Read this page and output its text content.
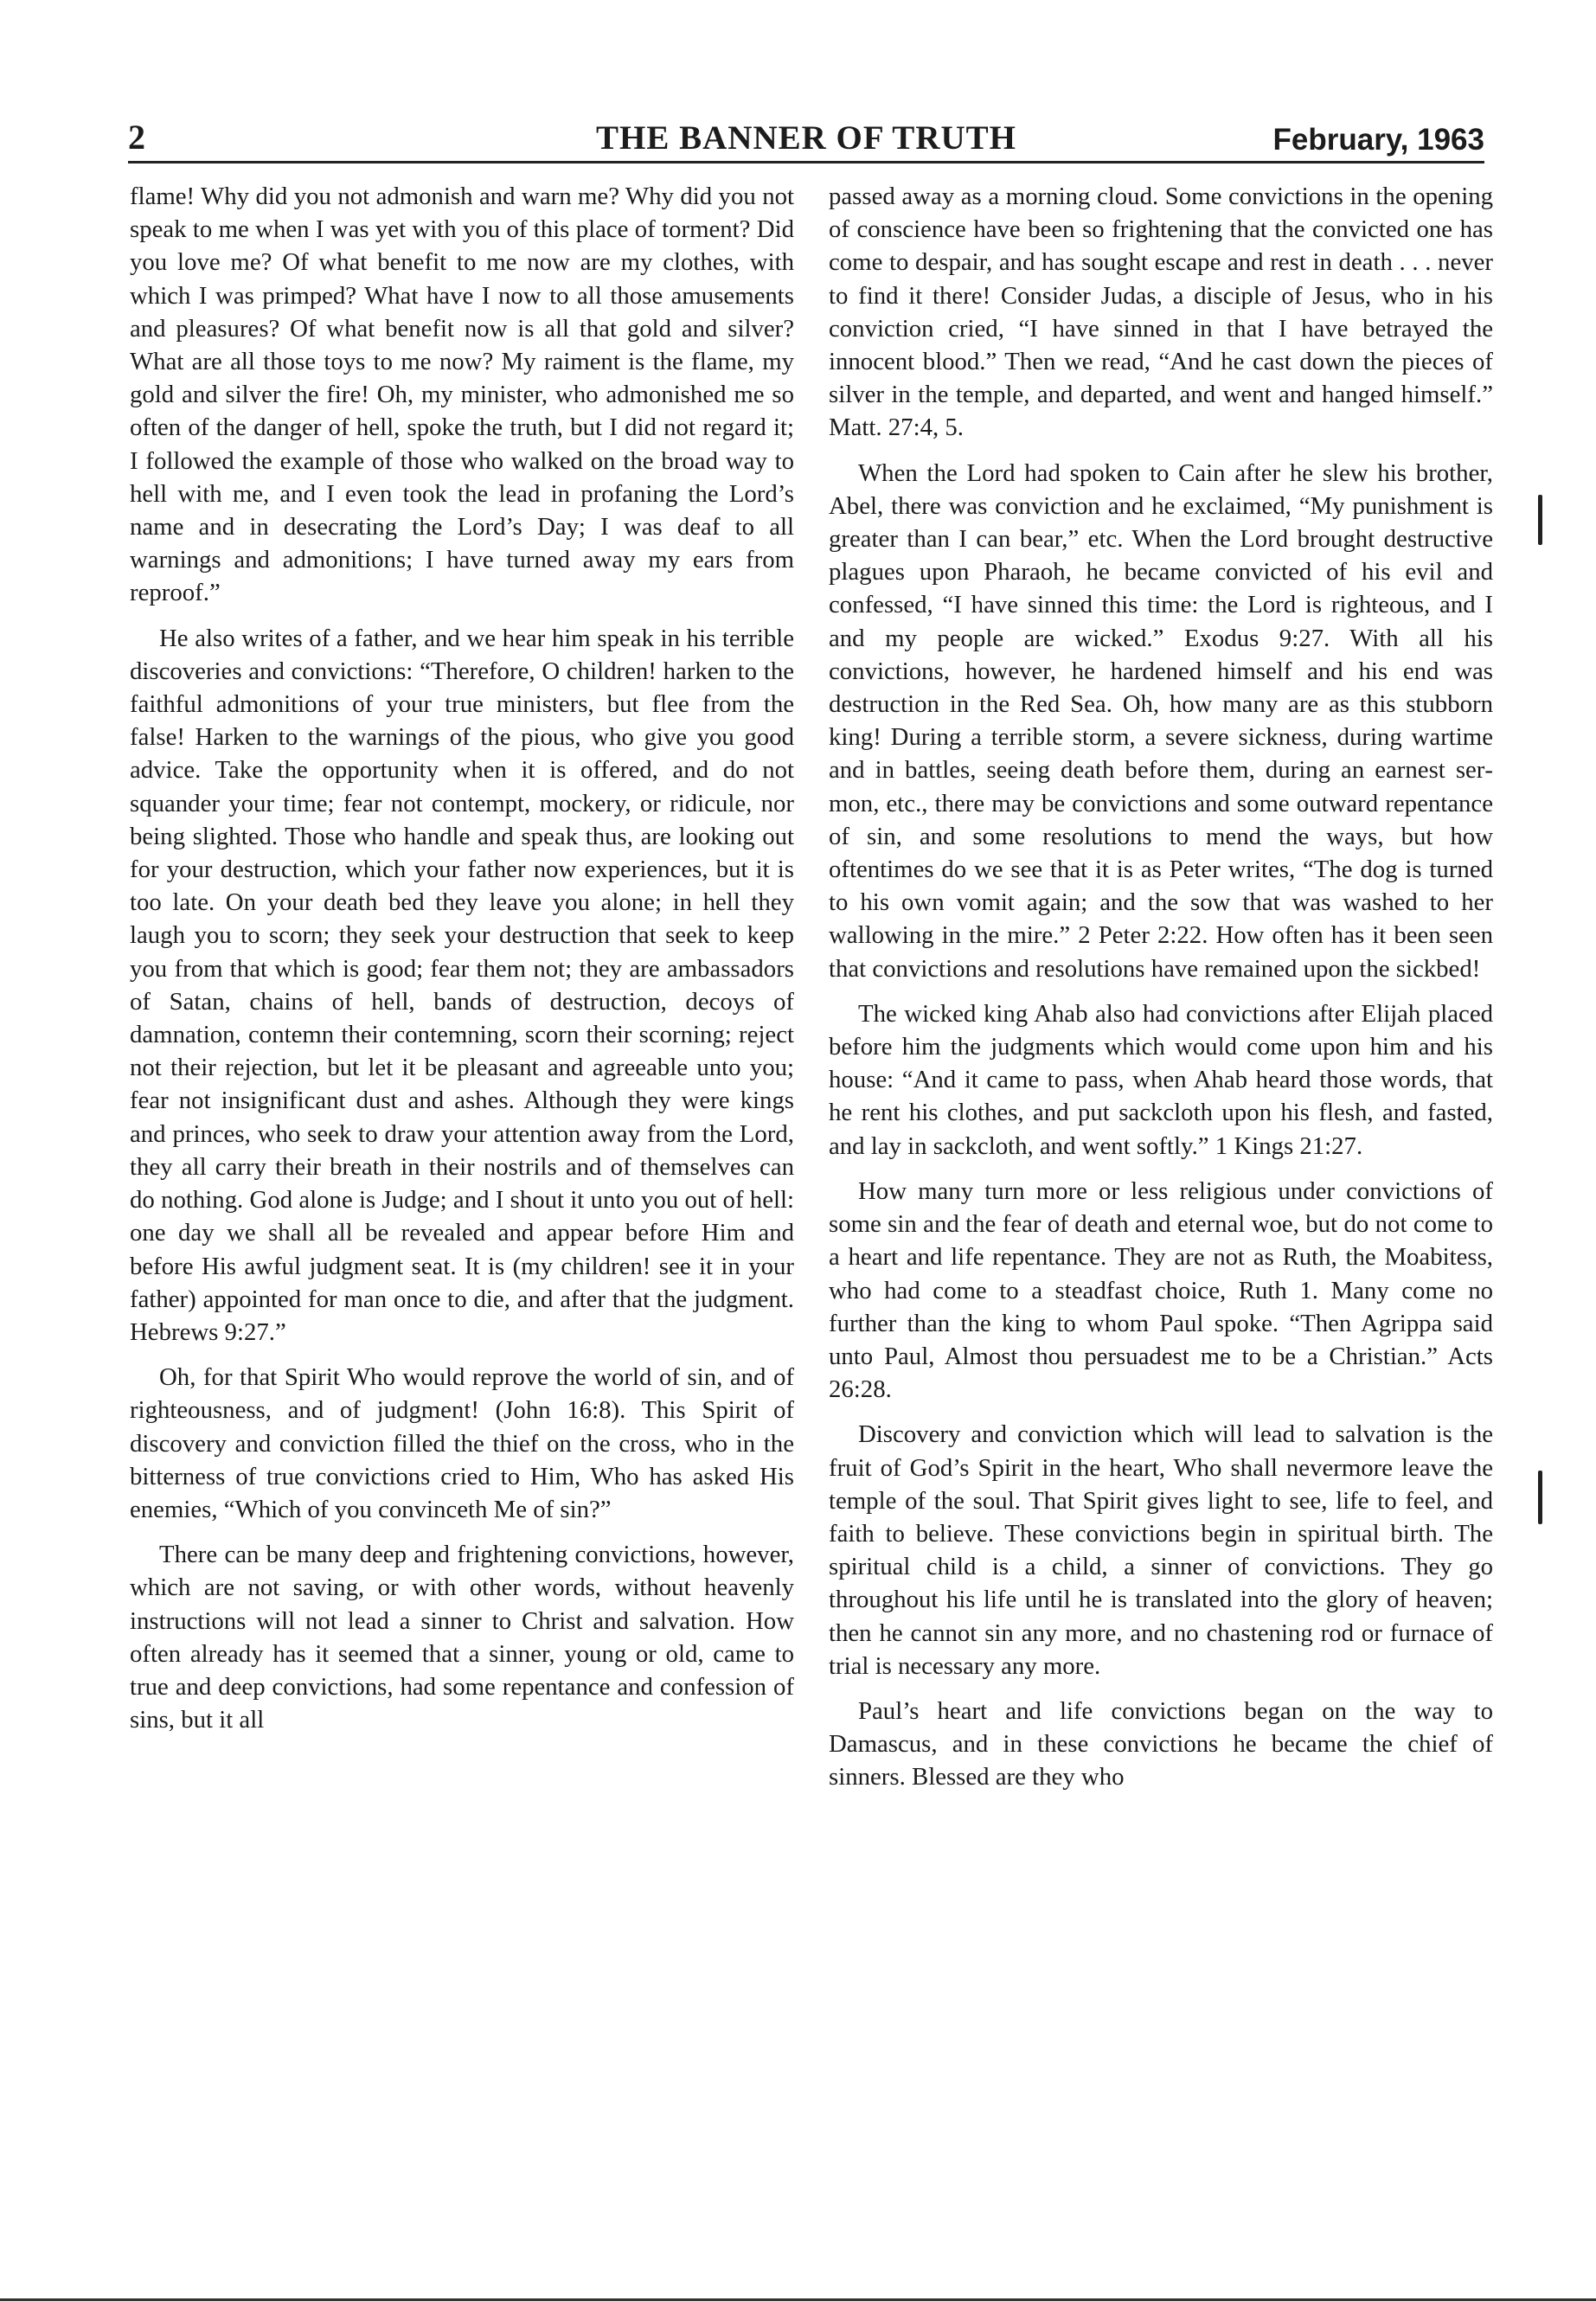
THE BANNER OF TRUTH
2	February, 1963

flame! Why did you not admonish and warn me? Why did you not speak to me when I was yet with you of this place of torment? Did you love me? Of what benefit to me now are my clothes, with which I was primped? What have I now to all those amusements and pleasures? Of what benefit now is all that gold and silver? What are all those toys to me now? My raiment is the flame, my gold and silver the fire! Oh, my minister, who admonished me so often of the danger of hell, spoke the truth, but I did not regard it; I followed the example of those who walked on the broad way to hell with me, and I even took the lead in profaning the Lord’s name and in desecrating the Lord’s Day; I was deaf to all warnings and admonitions; I have turned away my ears from reproof.”

He also writes of a father, and we hear him speak in his terrible discoveries and convictions: “Therefore, O children! harken to the faithful admonitions of your true ministers, but flee from the false! Harken to the warnings of the pious, who give you good advice. Take the opportunity when it is offered, and do not squander your time; fear not contempt, mockery, or ridicule, nor being slighted. Those who handle and speak thus, are looking out for your destruction, which your father now experiences, but it is too late. On your death bed they leave you alone; in hell they laugh you to scorn; they seek your destruction that seek to keep you from that which is good; fear them not; they are ambassadors of Satan, chains of hell, bands of destruction, decoys of damnation, contemn their contemning, scorn their scorning; reject not their rejection, but let it be pleasant and agreeable unto you; fear not insignificant dust and ashes. Although they were kings and princes, who seek to draw your attention away from the Lord, they all carry their breath in their nostrils and of themselves can do nothing. God alone is Judge; and I shout it unto you out of hell: one day we shall all be revealed and appear before Him and before His awful judgment seat. It is (my children! see it in your father) appointed for man once to die, and after that the judgment. Hebrews 9:27.”

Oh, for that Spirit Who would reprove the world of sin, and of righteousness, and of judgment! (John 16:8). This Spirit of discovery and conviction filled the thief on the cross, who in the bitterness of true convictions cried to Him, Who has asked His enemies, “Which of you convinceth Me of sin?”

There can be many deep and frightening convictions, however, which are not saving, or with other words, without heavenly instructions will not lead a sinner to Christ and salvation. How often already has it seemed that a sinner, young or old, came to true and deep convictions, had some repentance and confession of sins, but it all

passed away as a morning cloud. Some convictions in the opening of conscience have been so frightening that the convicted one has come to despair, and has sought escape and rest in death . . . never to find it there! Consider Judas, a disciple of Jesus, who in his conviction cried, “I have sinned in that I have betrayed the innocent blood.” Then we read, “And he cast down the pieces of silver in the temple, and departed, and went and hanged himself.” Matt. 27:4, 5.

When the Lord had spoken to Cain after he slew his brother, Abel, there was conviction and he exclaimed, “My punishment is greater than I can bear,” etc. When the Lord brought destructive plagues upon Pharaoh, he became convicted of his evil and confessed, “I have sinned this time: the Lord is righteous, and I and my people are wicked.” Exodus 9:27. With all his convictions, however, he hardened himself and his end was destruction in the Red Sea. Oh, how many are as this stubborn king! During a terrible storm, a severe sickness, during wartime and in battles, seeing death before them, during an earnest sermon, etc., there may be convictions and some outward repentance of sin, and some resolutions to mend the ways, but how oftentimes do we see that it is as Peter writes, “The dog is turned to his own vomit again; and the sow that was washed to her wallowing in the mire.” 2 Peter 2:22. How often has it been seen that convictions and resolutions have remained upon the sickbed!

The wicked king Ahab also had convictions after Elijah placed before him the judgments which would come upon him and his house: “And it came to pass, when Ahab heard those words, that he rent his clothes, and put sackcloth upon his flesh, and fasted, and lay in sackcloth, and went softly.” 1 Kings 21:27.

How many turn more or less religious under convictions of some sin and the fear of death and eternal woe, but do not come to a heart and life repentance. They are not as Ruth, the Moabitess, who had come to a steadfast choice, Ruth 1. Many come no further than the king to whom Paul spoke. “Then Agrippa said unto Paul, Almost thou persuadest me to be a Christian.” Acts 26:28.

Discovery and conviction which will lead to salvation is the fruit of God’s Spirit in the heart, Who shall nevermore leave the temple of the soul. That Spirit gives light to see, life to feel, and faith to believe. These convictions begin in spiritual birth. The spiritual child is a child, a sinner of convictions. They go throughout his life until he is translated into the glory of heaven; then he cannot sin any more, and no chastening rod or furnace of trial is necessary any more.

Paul’s heart and life convictions began on the way to Damascus, and in these convictions he became the chief of sinners. Blessed are they who
